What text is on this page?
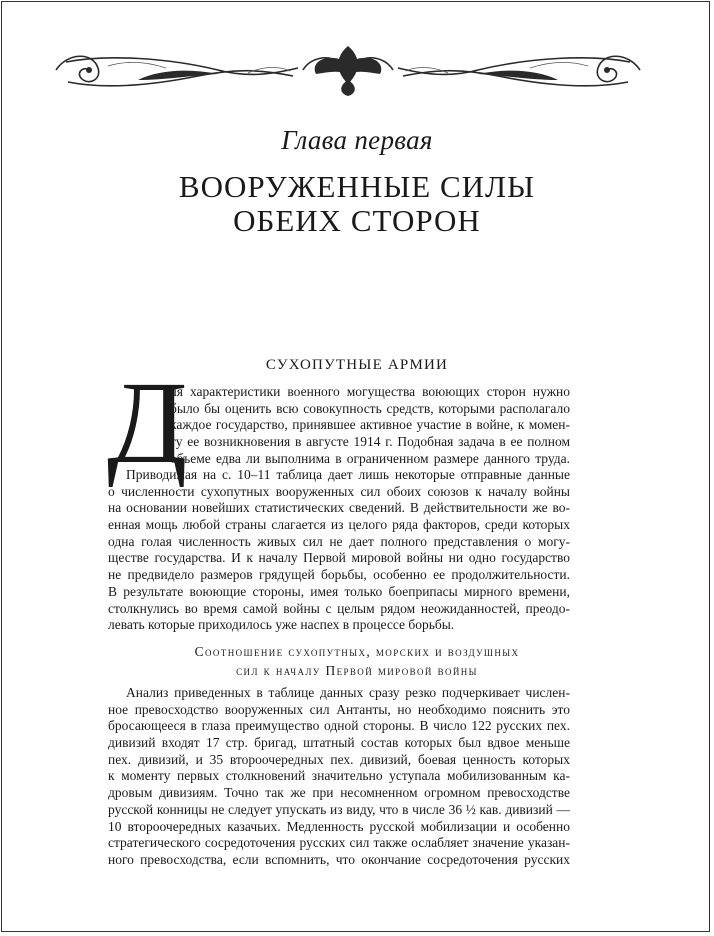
Глава первая
ВООРУЖЕННЫЕ СИЛЫ
ОБЕИХ СТОРОН
СУХОПУТНЫЕ АРМИИ
Д
ля характеристики военного могущества воюющих сторон нужно
было бы оценить всю совокупность средств, которыми располагало
каждое государство, принявшее активное участие в войне, к момен-
ту ее возникновения в августе 1914 г. Подобная задача в ее полном
объеме едва ли выполнима в ограниченном размере данного труда.
Приводимая на с. 10–11 таблица дает лишь некоторые отправные данные
о численности сухопутных вооруженных сил обоих союзов к началу войны
на основании новейших статистических сведений. В действительности же во-
енная мощь любой страны слагается из целого ряда факторов, среди которых
одна голая численность живых сил не дает полного представления о могу-
ществе государства. И к началу Первой мировой войны ни одно государство
не предвидело размеров грядущей борьбы, особенно ее продолжительности.
В результате воюющие стороны, имея только боеприпасы мирного времени,
столкнулись во время самой войны с целым рядом неожиданностей, преодо-
левать которые приходилось уже наспех в процессе борьбы.
Соотношение сухопутных, морских и воздушных
сил к началу Первой мировой войны
Анализ приведенных в таблице данных сразу резко подчеркивает числен-
ное превосходство вооруженных сил Антанты, но необходимо пояснить это
бросающееся в глаза преимущество одной стороны. В число 122 русских пех.
дивизий входят 17 стр. бригад, штатный состав которых был вдвое меньше
пех. дивизий, и 35 второочередных пех. дивизий, боевая ценность которых
к моменту первых столкновений значительно уступала мобилизованным ка-
дровым дивизиям. Точно так же при несомненном огромном превосходстве
русской конницы не следует упускать из виду, что в числе 36 ½ кав. дивизий —
10 второочередных казачьих. Медленность русской мобилизации и особенно
стратегического сосредоточения русских сил также ослабляет значение указан-
ного превосходства, если вспомнить, что окончание сосредоточения русских
